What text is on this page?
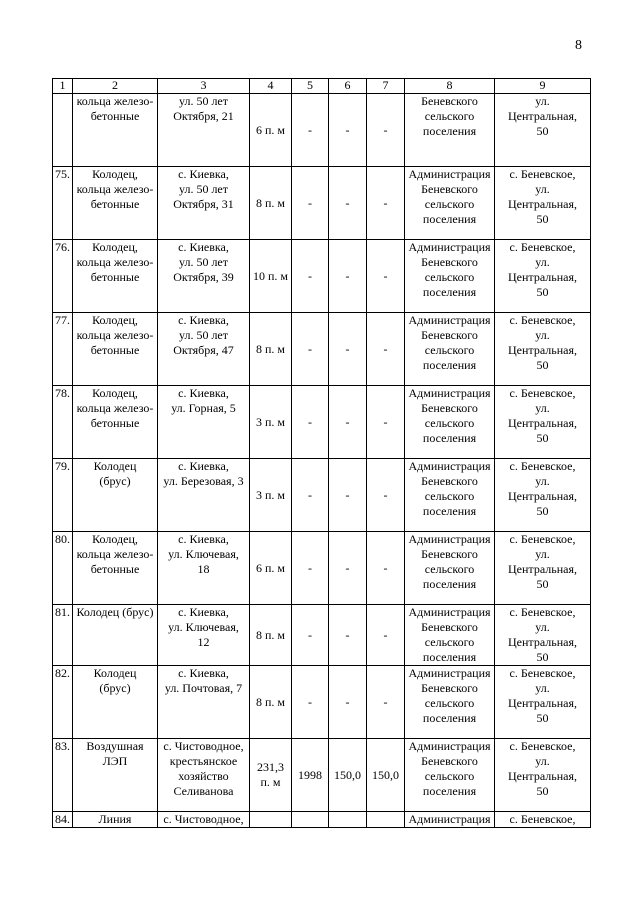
8
1	2	3	4	5	6	7	8	9
	кольца железо-
бетонные	ул. 50 лет
Октября, 21	6 п. м	-	-	-	Беневского
сельского
поселения	ул.
Центральная,
50
75.	Колодец,
кольца железо-
бетонные	с. Киевка,
ул. 50 лет
Октября, 31	8 п. м	-	-	-	Администрация
Беневского
сельского
поселения	с. Беневское,
ул.
Центральная,
50
76.	Колодец,
кольца железо-
бетонные	с. Киевка,
ул. 50 лет
Октября, 39	10 п. м	-	-	-	Администрация
Беневского
сельского
поселения	с. Беневское,
ул.
Центральная,
50
77.	Колодец,
кольца железо-
бетонные	с. Киевка,
ул. 50 лет
Октября, 47	8 п. м	-	-	-	Администрация
Беневского
сельского
поселения	с. Беневское,
ул.
Центральная,
50
78.	Колодец,
кольца железо-
бетонные	с. Киевка,
ул. Горная, 5	3 п. м	-	-	-	Администрация
Беневского
сельского
поселения	с. Беневское,
ул.
Центральная,
50
79.	Колодец
(брус)	с. Киевка,
ул. Березовая, 3	3 п. м	-	-	-	Администрация
Беневского
сельского
поселения	с. Беневское,
ул.
Центральная,
50
80.	Колодец,
кольца железо-
бетонные	с. Киевка,
ул. Ключевая,
18	6 п. м	-	-	-	Администрация
Беневского
сельского
поселения	с. Беневское,
ул.
Центральная,
50
81.	Колодец (брус)	с. Киевка,
ул. Ключевая,
12	8 п. м	-	-	-	Администрация
Беневского
сельского
поселения	с. Беневское,
ул.
Центральная,
50
82.	Колодец
(брус)	с. Киевка,
ул. Почтовая, 7	8 п. м	-	-	-	Администрация
Беневского
сельского
поселения	с. Беневское,
ул.
Центральная,
50
83.	Воздушная
ЛЭП	с. Чистоводное,
крестьянское
хозяйство
Селиванова	231,3
п. м	1998	150,0	150,0	Администрация
Беневского
сельского
поселения	с. Беневское,
ул.
Центральная,
50
84.	Линия	с. Чистоводное,					Администрация	с. Беневское,
